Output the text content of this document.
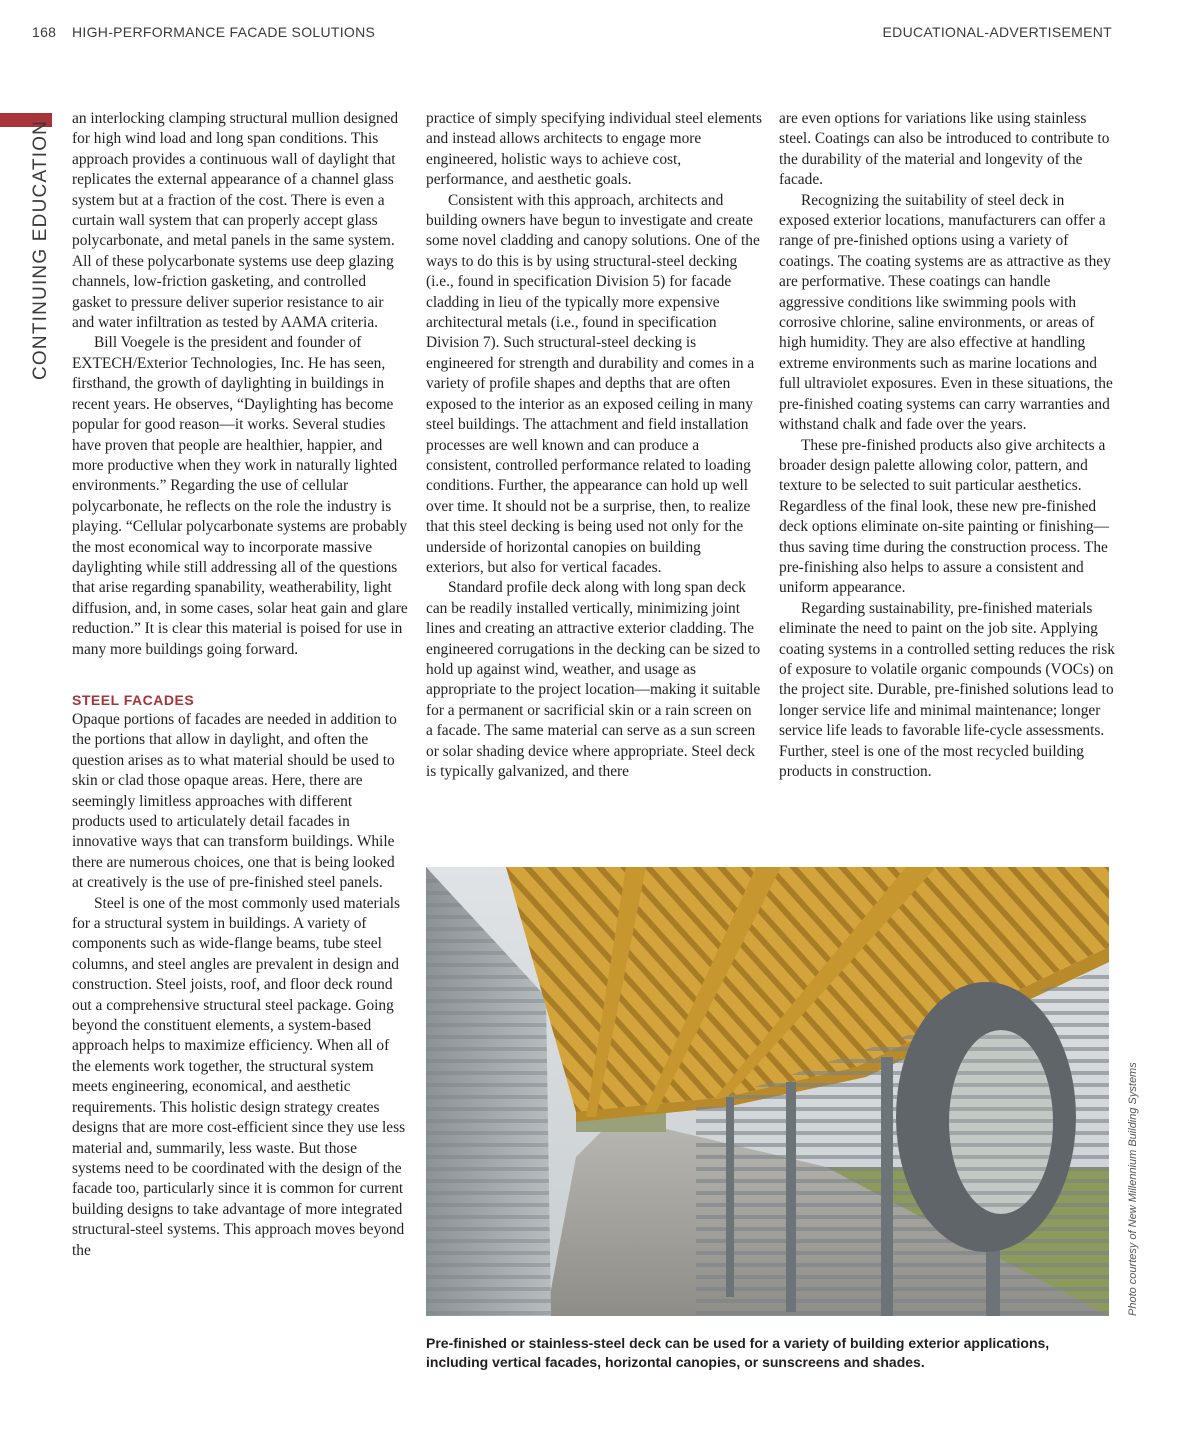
168 HIGH-PERFORMANCE FACADE SOLUTIONS	EDUCATIONAL-ADVERTISEMENT
CONTINUING EDUCATION

an interlocking clamping structural mullion designed for high wind load and long span conditions. This approach provides a continuous wall of daylight that replicates the external appearance of a channel glass system but at a fraction of the cost. There is even a curtain wall system that can properly accept glass polycarbonate, and metal panels in the same system. All of these polycarbonate systems use deep glazing channels, low-friction gasketing, and controlled gasket to pressure deliver superior resistance to air and water infiltration as tested by AAMA criteria.

Bill Voegele is the president and founder of EXTECH/Exterior Technologies, Inc. He has seen, firsthand, the growth of daylighting in buildings in recent years. He observes, “Daylighting has become popular for good reason—it works. Several studies have proven that people are healthier, happier, and more productive when they work in naturally lighted environments.” Regarding the use of cellular polycarbonate, he reflects on the role the industry is playing. “Cellular polycarbonate systems are probably the most economical way to incorporate massive daylighting while still addressing all of the questions that arise regarding spanability, weatherability, light diffusion, and, in some cases, solar heat gain and glare reduction.” It is clear this material is poised for use in many more buildings going forward.

STEEL FACADES

Opaque portions of facades are needed in addition to the portions that allow in daylight, and often the question arises as to what material should be used to skin or clad those opaque areas. Here, there are seemingly limitless approaches with different products used to articulately detail facades in innovative ways that can transform buildings. While there are numerous choices, one that is being looked at creatively is the use of pre-finished steel panels.

Steel is one of the most commonly used materials for a structural system in buildings. A variety of components such as wide-flange beams, tube steel columns, and steel angles are prevalent in design and construction. Steel joists, roof, and floor deck round out a comprehensive structural steel package. Going beyond the constituent elements, a system-based approach helps to maximize efficiency. When all of the elements work together, the structural system meets engineering, economical, and aesthetic requirements. This holistic design strategy creates designs that are more cost-efficient since they use less material and, summarily, less waste. But those systems need to be coordinated with the design of the facade too, particularly since it is common for current building designs to take advantage of more integrated structural-steel systems. This approach moves beyond the

practice of simply specifying individual steel elements and instead allows architects to engage more engineered, holistic ways to achieve cost, performance, and aesthetic goals.

Consistent with this approach, architects and building owners have begun to investigate and create some novel cladding and canopy solutions. One of the ways to do this is by using structural-steel decking (i.e., found in specification Division 5) for facade cladding in lieu of the typically more expensive architectural metals (i.e., found in specification Division 7). Such structural-steel decking is engineered for strength and durability and comes in a variety of profile shapes and depths that are often exposed to the interior as an exposed ceiling in many steel buildings. The attachment and field installation processes are well known and can produce a consistent, controlled performance related to loading conditions. Further, the appearance can hold up well over time. It should not be a surprise, then, to realize that this steel decking is being used not only for the underside of horizontal canopies on building exteriors, but also for vertical facades.

Standard profile deck along with long span deck can be readily installed vertically, minimizing joint lines and creating an attractive exterior cladding. The engineered corrugations in the decking can be sized to hold up against wind, weather, and usage as appropriate to the project location—making it suitable for a permanent or sacrificial skin or a rain screen on a facade. The same material can serve as a sun screen or solar shading device where appropriate. Steel deck is typically galvanized, and there

are even options for variations like using stainless steel. Coatings can also be introduced to contribute to the durability of the material and longevity of the facade.

Recognizing the suitability of steel deck in exposed exterior locations, manufacturers can offer a range of pre-finished options using a variety of coatings. The coating systems are as attractive as they are performative. These coatings can handle aggressive conditions like swimming pools with corrosive chlorine, saline environments, or areas of high humidity. They are also effective at handling extreme environments such as marine locations and full ultraviolet exposures. Even in these situations, the pre-finished coating systems can carry warranties and withstand chalk and fade over the years.

These pre-finished products also give architects a broader design palette allowing color, pattern, and texture to be selected to suit particular aesthetics. Regardless of the final look, these new pre-finished deck options eliminate on-site painting or finishing—thus saving time during the construction process. The pre-finishing also helps to assure a consistent and uniform appearance.

Regarding sustainability, pre-finished materials eliminate the need to paint on the job site. Applying coating systems in a controlled setting reduces the risk of exposure to volatile organic compounds (VOCs) on the project site. Durable, pre-finished solutions lead to longer service life and minimal maintenance; longer service life leads to favorable life-cycle assessments. Further, steel is one of the most recycled building products in construction.

Photo courtesy of New Millennium Building Systems
Pre-finished or stainless-steel deck can be used for a variety of building exterior applications, including vertical facades, horizontal canopies, or sunscreens and shades.
